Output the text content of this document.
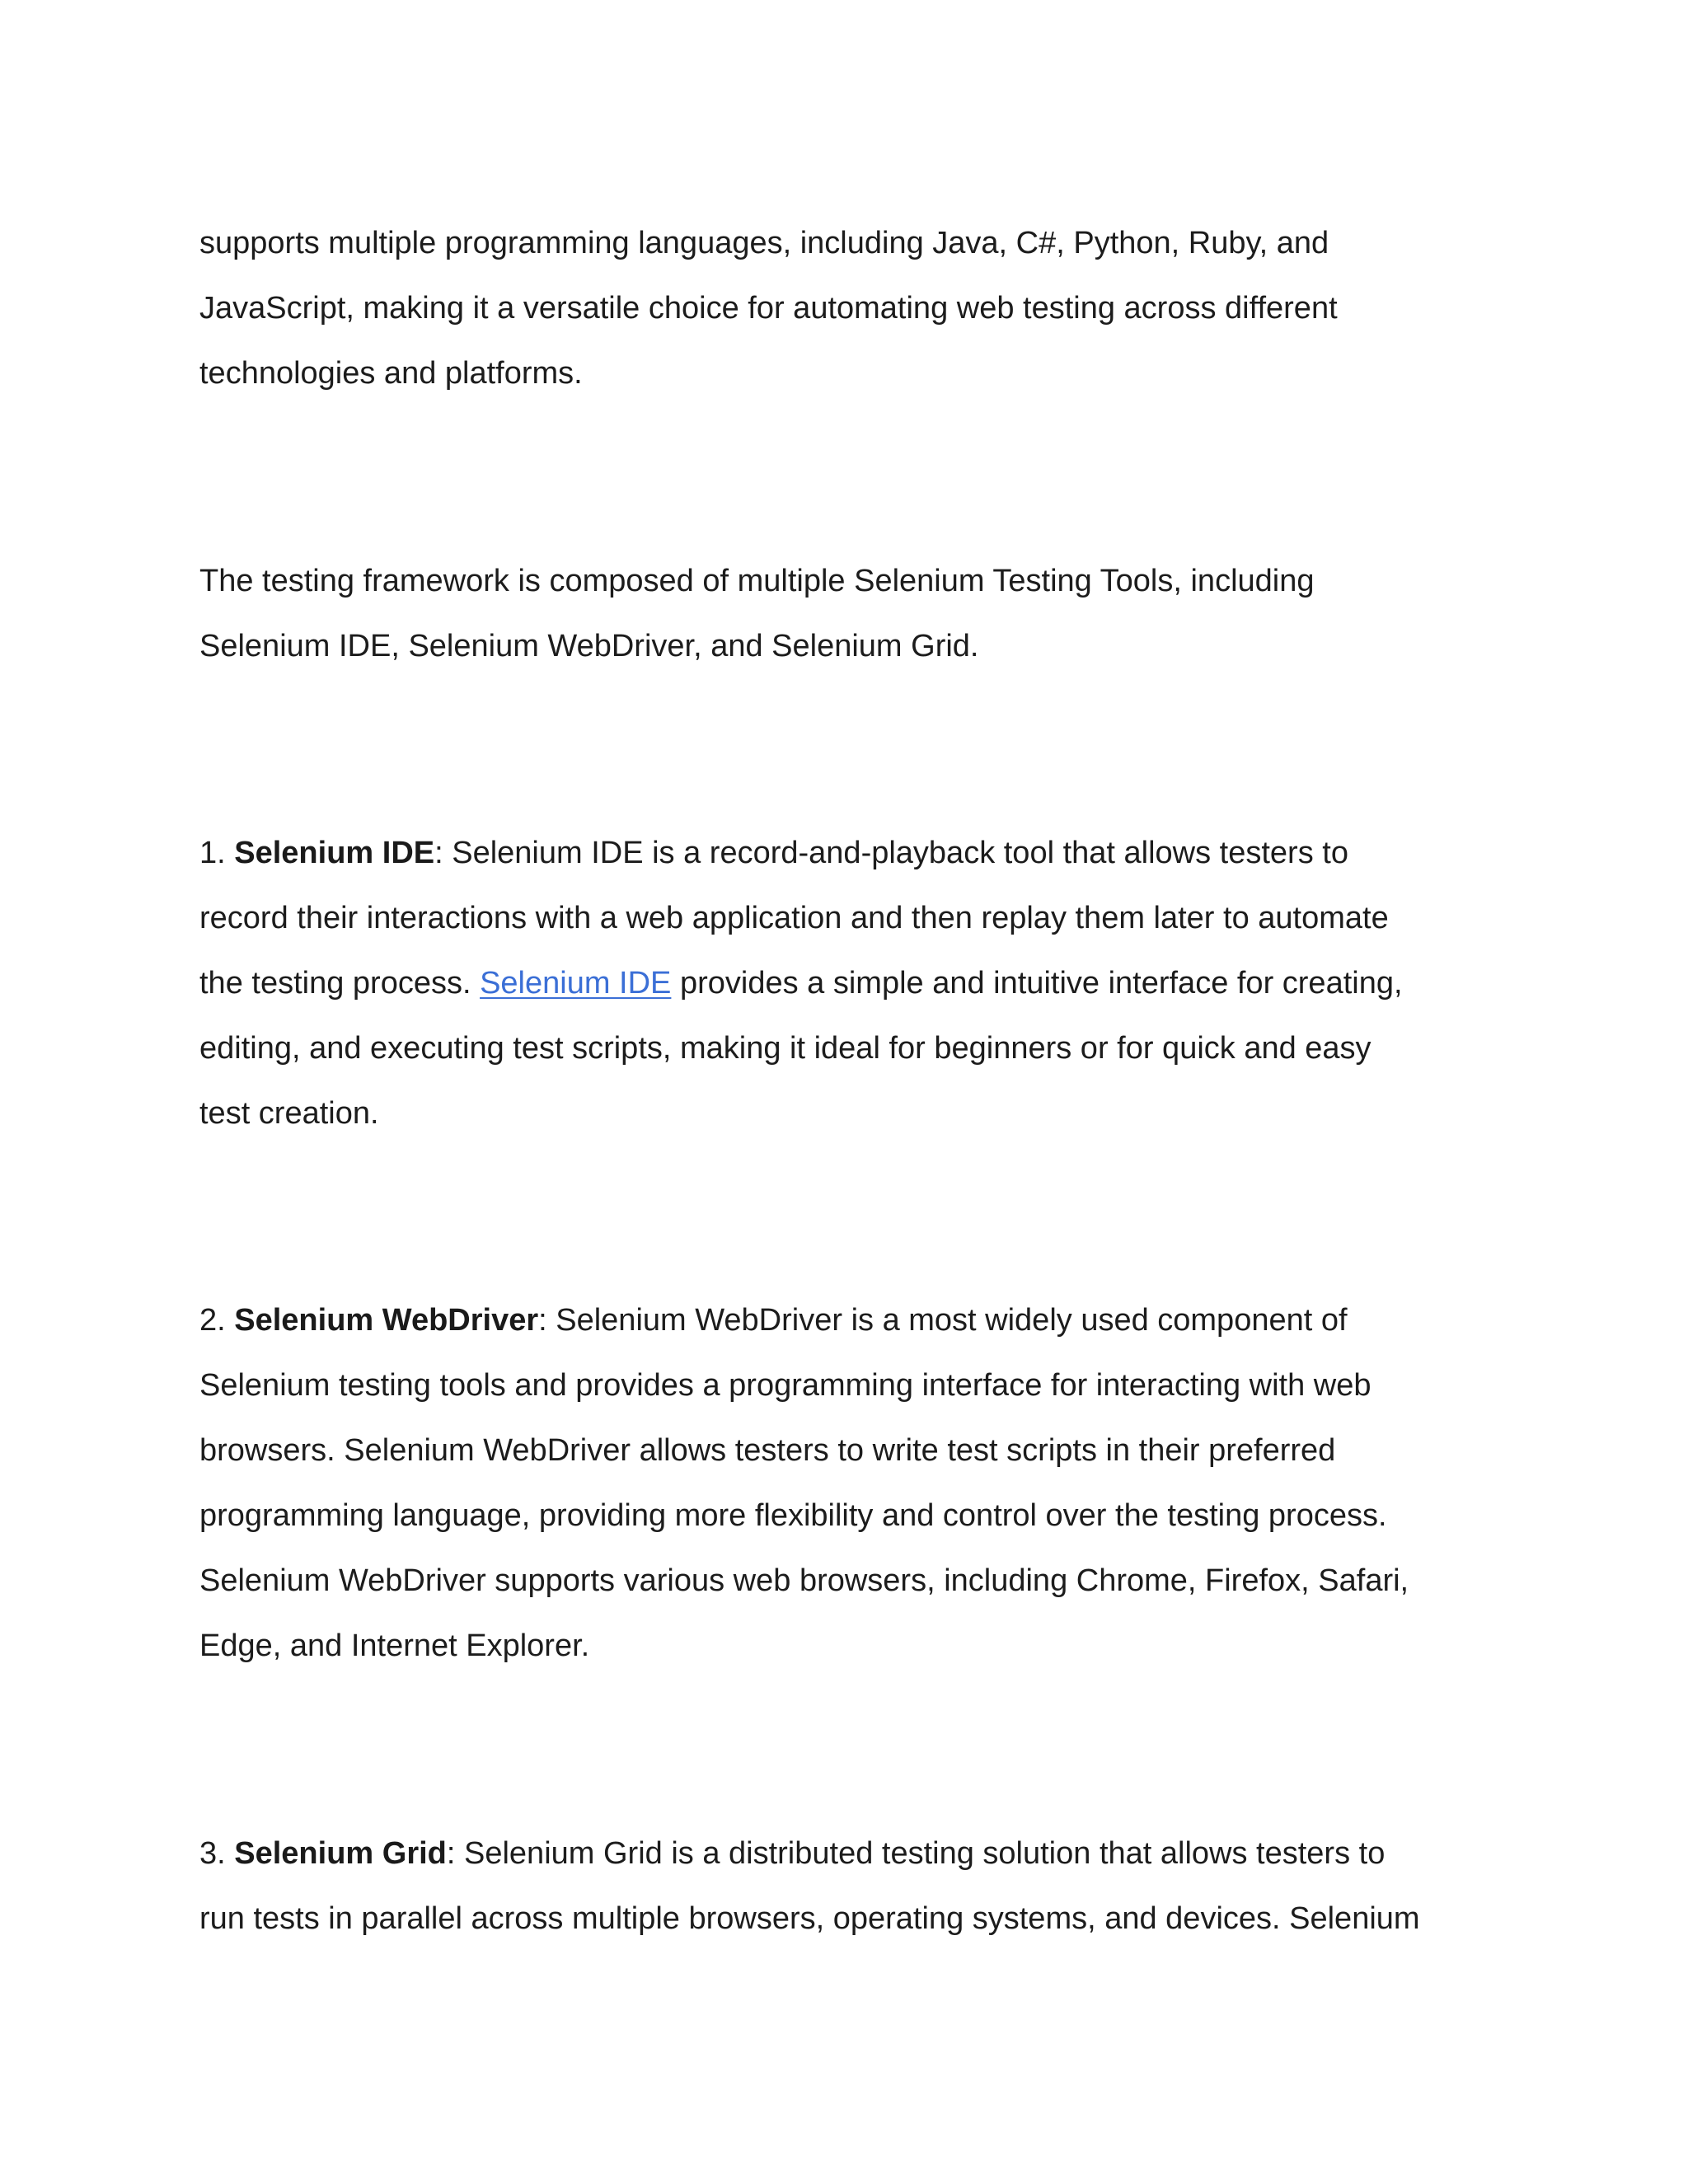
supports multiple programming languages, including Java, C#, Python, Ruby, and

JavaScript, making it a versatile choice for automating web testing across different

technologies and platforms.

The testing framework is composed of multiple Selenium Testing Tools, including

Selenium IDE, Selenium WebDriver, and Selenium Grid.

1. Selenium IDE: Selenium IDE is a record-and-playback tool that allows testers to

record their interactions with a web application and then replay them later to automate

the testing process. Selenium IDE provides a simple and intuitive interface for creating,

editing, and executing test scripts, making it ideal for beginners or for quick and easy

test creation.

2. Selenium WebDriver: Selenium WebDriver is a most widely used component of

Selenium testing tools and provides a programming interface for interacting with web

browsers. Selenium WebDriver allows testers to write test scripts in their preferred

programming language, providing more flexibility and control over the testing process.

Selenium WebDriver supports various web browsers, including Chrome, Firefox, Safari,

Edge, and Internet Explorer.

3. Selenium Grid: Selenium Grid is a distributed testing solution that allows testers to

run tests in parallel across multiple browsers, operating systems, and devices. Selenium
